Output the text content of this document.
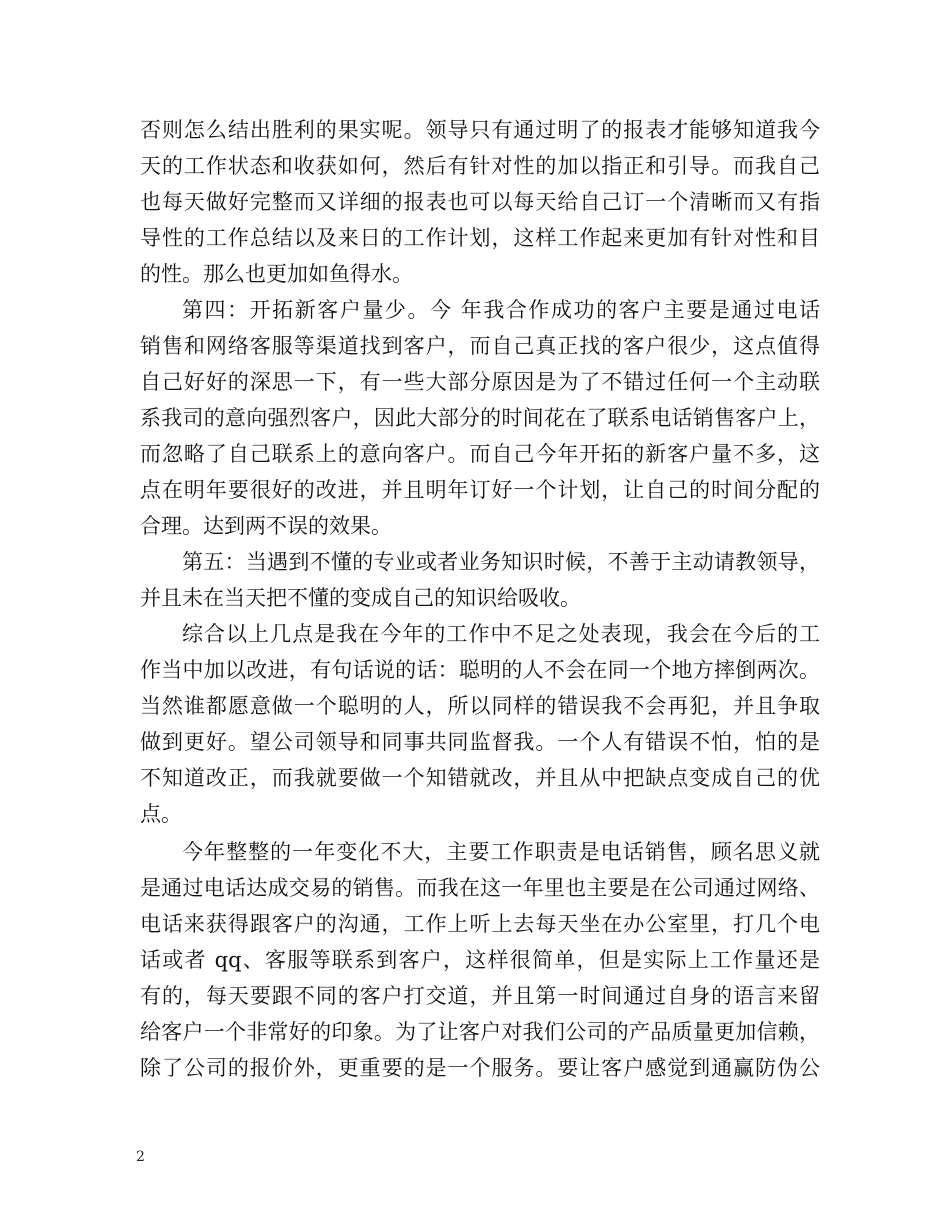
否则怎么结出胜利的果实呢。领导只有通过明了的报表才能够知道我今
天的工作状态和收获如何，然后有针对性的加以指正和引导。而我自己
也每天做好完整而又详细的报表也可以每天给自己订一个清晰而又有指
导性的工作总结以及来日的工作计划，这样工作起来更加有针对性和目
的性。那么也更加如鱼得水。
第四：开拓新客户量少。今 年我合作成功的客户主要是通过电话
销售和网络客服等渠道找到客户，而自己真正找的客户很少，这点值得
自己好好的深思一下，有一些大部分原因是为了不错过任何一个主动联
系我司的意向强烈客户，因此大部分的时间花在了联系电话销售客户上，
而忽略了自己联系上的意向客户。而自己今年开拓的新客户量不多，这
点在明年要很好的改进，并且明年订好一个计划，让自己的时间分配的
合理。达到两不误的效果。
第五：当遇到不懂的专业或者业务知识时候，不善于主动请教领导，
并且未在当天把不懂的变成自己的知识给吸收。
综合以上几点是我在今年的工作中不足之处表现，我会在今后的工
作当中加以改进，有句话说的话：聪明的人不会在同一个地方摔倒两次。
当然谁都愿意做一个聪明的人，所以同样的错误我不会再犯，并且争取
做到更好。望公司领导和同事共同监督我。一个人有错误不怕，怕的是
不知道改正，而我就要做一个知错就改，并且从中把缺点变成自己的优
点。
今年整整的一年变化不大，主要工作职责是电话销售，顾名思义就
是通过电话达成交易的销售。而我在这一年里也主要是在公司通过网络、
电话来获得跟客户的沟通，工作上听上去每天坐在办公室里，打几个电
话或者 qq、客服等联系到客户，这样很简单，但是实际上工作量还是
有的，每天要跟不同的客户打交道，并且第一时间通过自身的语言来留
给客户一个非常好的印象。为了让客户对我们公司的产品质量更加信赖，
除了公司的报价外，更重要的是一个服务。要让客户感觉到通赢防伪公
2
